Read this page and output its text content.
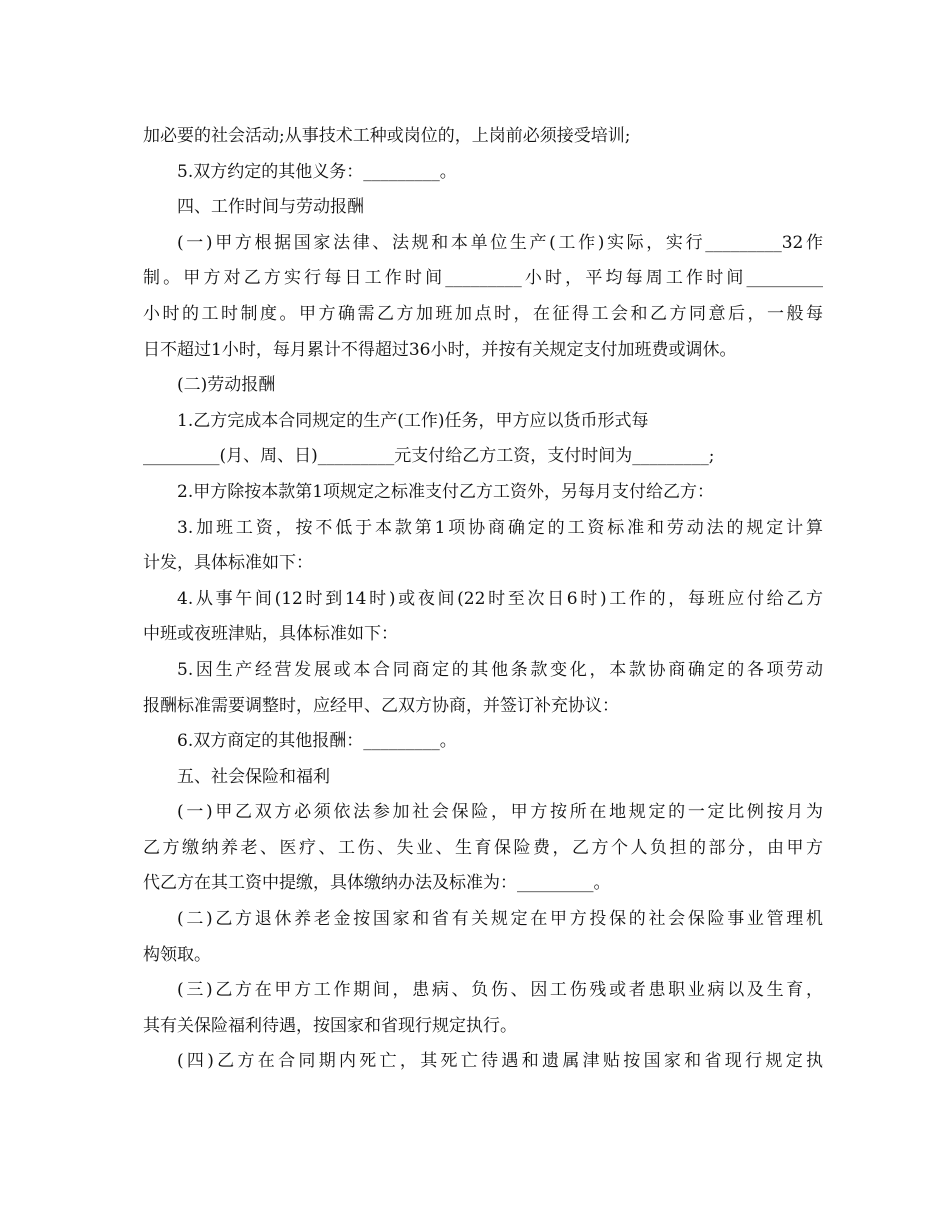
加必要的社会活动;从事技术工种或岗位的，上岗前必须接受培训;
5.双方约定的其他义务：_________。
四、工作时间与劳动报酬
(一)甲方根据国家法律、法规和本单位生产(工作)实际，实行_________32作
制。甲方对乙方实行每日工作时间_________小时，平均每周工作时间_________
小时的工时制度。甲方确需乙方加班加点时，在征得工会和乙方同意后，一般每
日不超过1小时，每月累计不得超过36小时，并按有关规定支付加班费或调休。
(二)劳动报酬
1.乙方完成本合同规定的生产(工作)任务，甲方应以货币形式每
_________(月、周、日)_________元支付给乙方工资，支付时间为_________;
2.甲方除按本款第1项规定之标准支付乙方工资外，另每月支付给乙方：
3.加班工资，按不低于本款第1项协商确定的工资标准和劳动法的规定计算
计发，具体标准如下：
4.从事午间(12时到14时)或夜间(22时至次日6时)工作的，每班应付给乙方
中班或夜班津贴，具体标准如下：
5.因生产经营发展或本合同商定的其他条款变化，本款协商确定的各项劳动
报酬标准需要调整时，应经甲、乙双方协商，并签订补充协议：
6.双方商定的其他报酬：_________。
五、社会保险和福利
(一)甲乙双方必须依法参加社会保险，甲方按所在地规定的一定比例按月为
乙方缴纳养老、医疗、工伤、失业、生育保险费，乙方个人负担的部分，由甲方
代乙方在其工资中提缴，具体缴纳办法及标准为：_________。
(二)乙方退休养老金按国家和省有关规定在甲方投保的社会保险事业管理机
构领取。
(三)乙方在甲方工作期间，患病、负伤、因工伤残或者患职业病以及生育，
其有关保险福利待遇，按国家和省现行规定执行。
(四)乙方在合同期内死亡，其死亡待遇和遗属津贴按国家和省现行规定执
